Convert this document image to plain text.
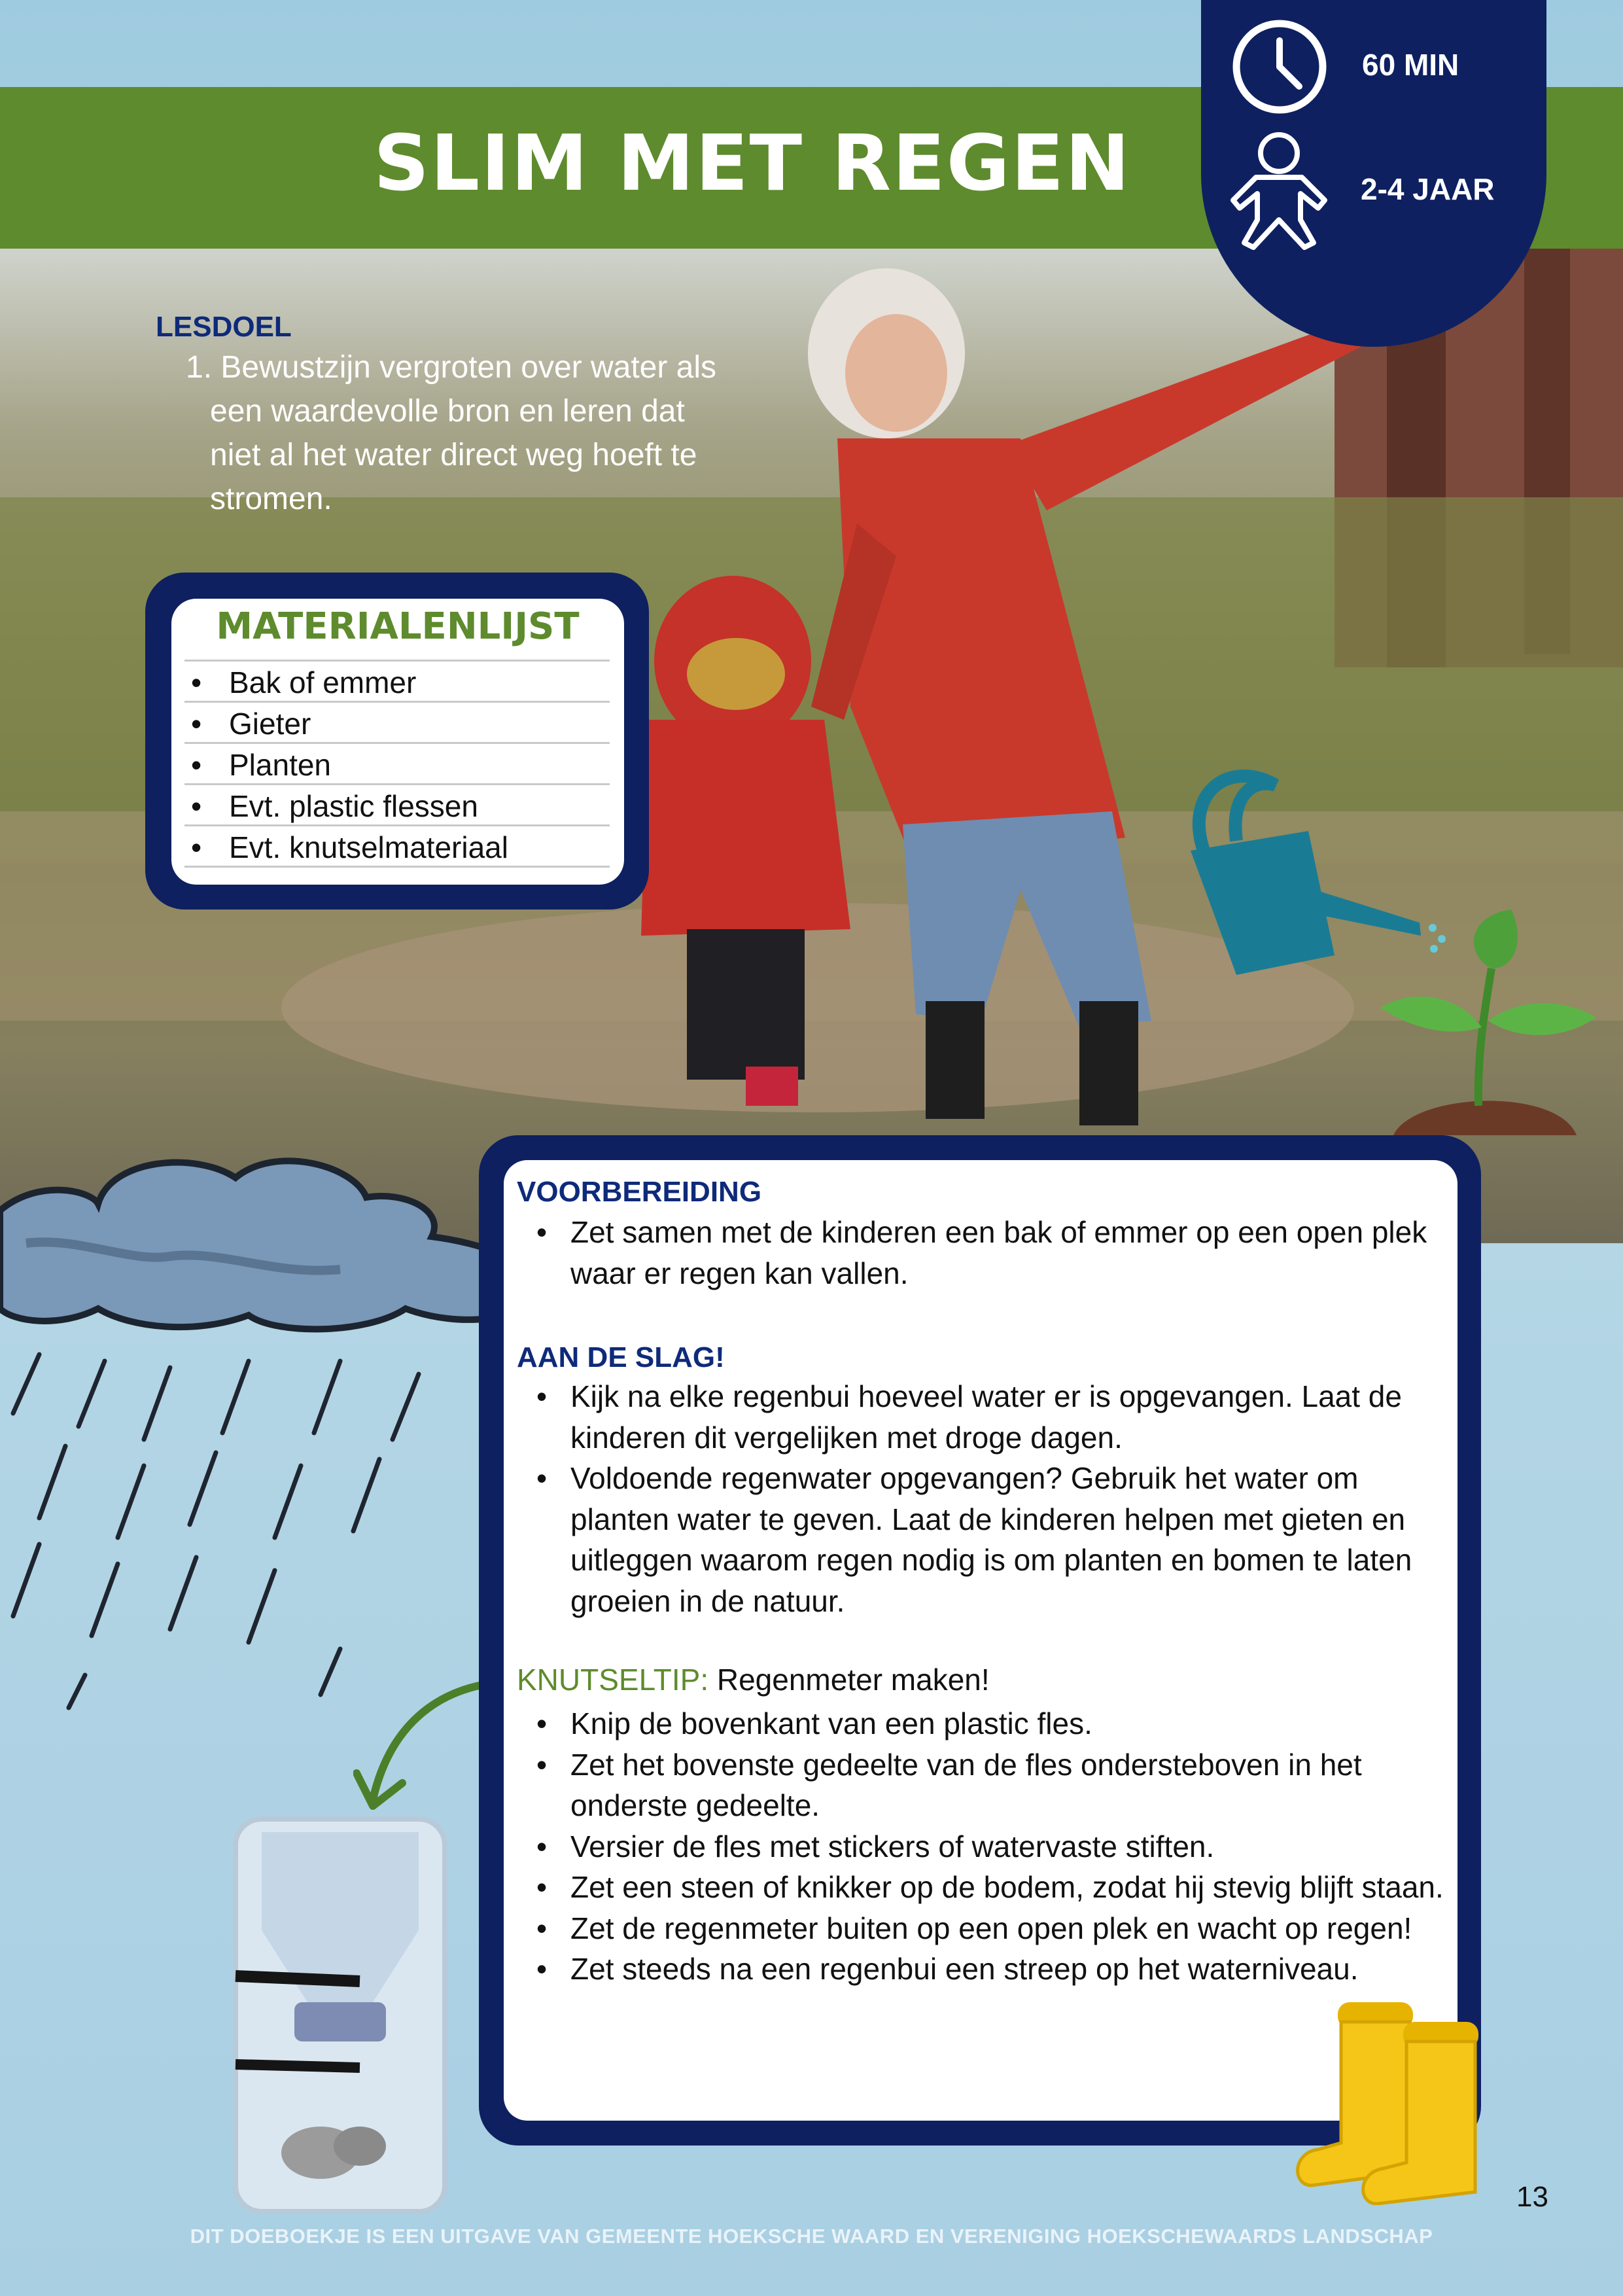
SLIM MET REGEN
60 MIN
2-4 JAAR
LESDOEL
1. Bewustzijn vergroten over water als
een waardevolle bron en leren dat
niet al het water direct weg hoeft te
stromen.
MATERIALENLIJST
• Bak of emmer
• Gieter
• Planten
• Evt. plastic flessen
• Evt. knutselmateriaal
VOORBEREIDING
• Zet samen met de kinderen een bak of emmer op een open plek waar er regen kan vallen.
AAN DE SLAG!
• Kijk na elke regenbui hoeveel water er is opgevangen. Laat de kinderen dit vergelijken met droge dagen.
• Voldoende regenwater opgevangen? Gebruik het water om planten water te geven. Laat de kinderen helpen met gieten en uitleggen waarom regen nodig is om planten en bomen te laten groeien in de natuur.
KNUTSELTIP: Regenmeter maken!
• Knip de bovenkant van een plastic fles.
• Zet het bovenste gedeelte van de fles ondersteboven in het onderste gedeelte.
• Versier de fles met stickers of watervaste stiften.
• Zet een steen of knikker op de bodem, zodat hij stevig blijft staan.
• Zet de regenmeter buiten op een open plek en wacht op regen!
• Zet steeds na een regenbui een streep op het waterniveau.
13
DIT DOEBOEKJE IS EEN UITGAVE VAN GEMEENTE HOEKSCHE WAARD EN VERENIGING HOEKSCHEWAARDS LANDSCHAP
